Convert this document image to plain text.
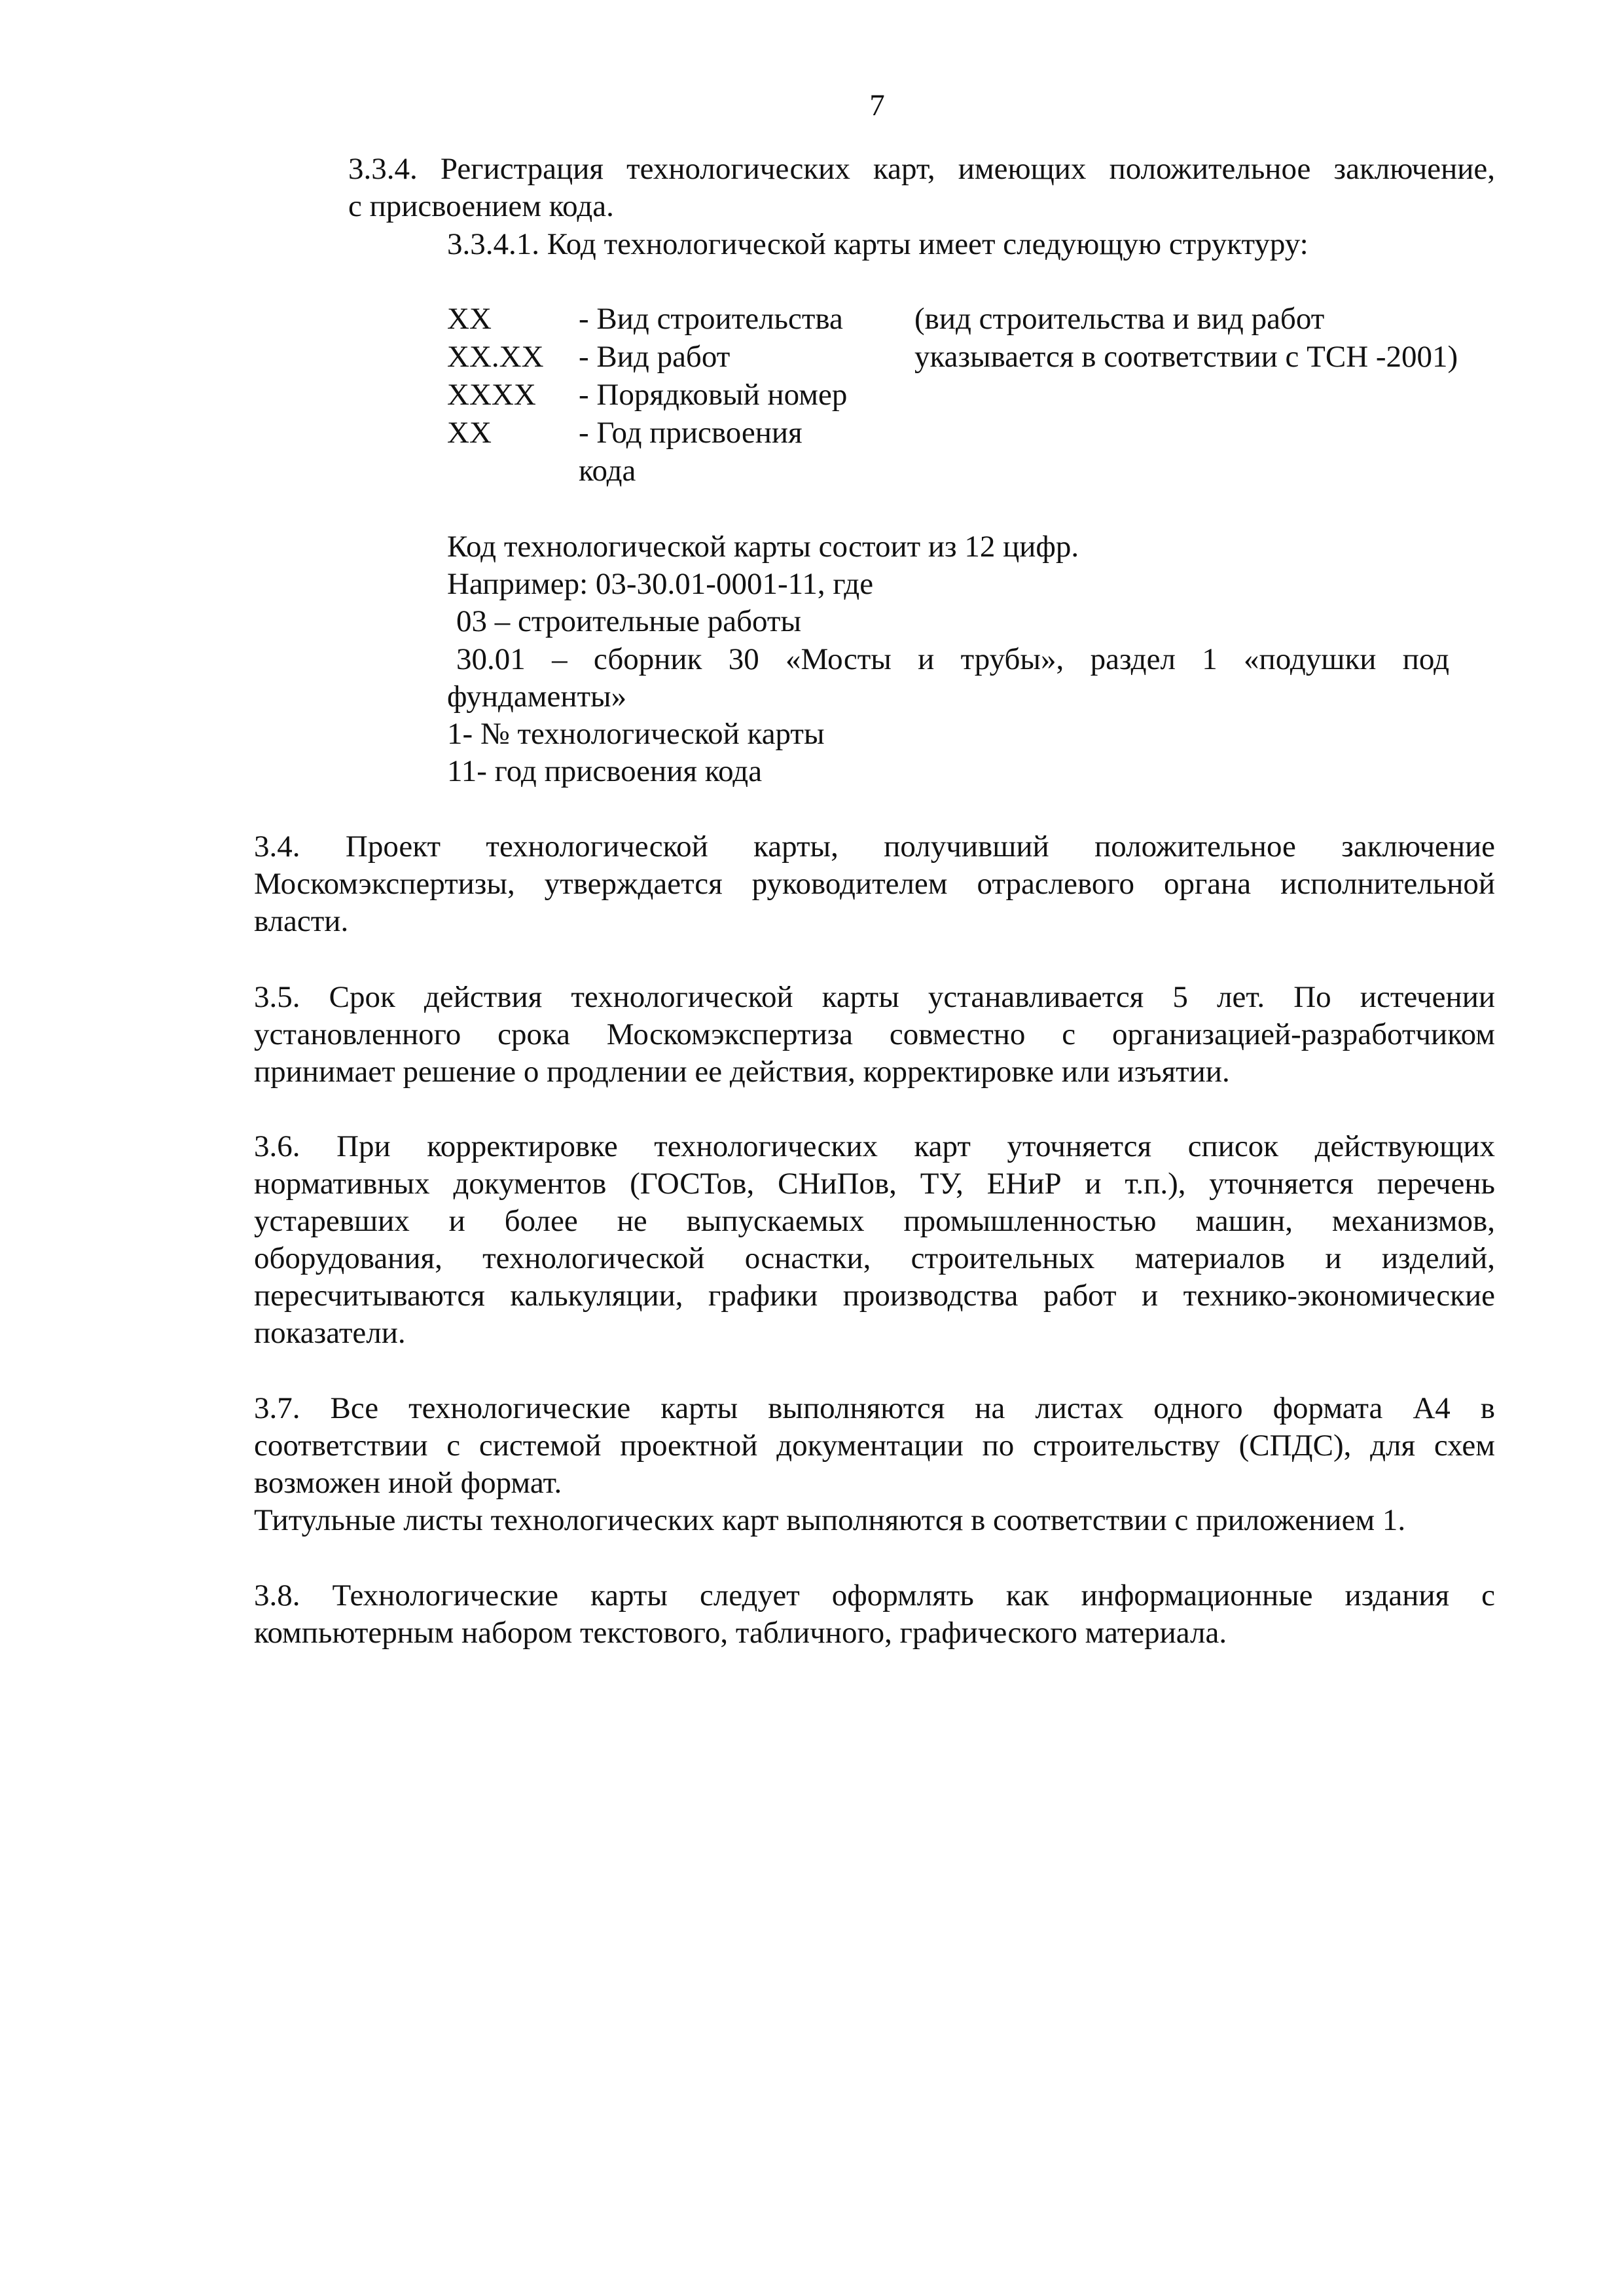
7
3.3.4. Регистрация технологических карт, имеющих положительное заключение,
с присвоением кода.
3.3.4.1. Код технологической карты имеет следующую структуру:
XX
XX.XX
XXXX
XX
- Вид строительства
- Вид работ
- Порядковый номер
- Год присвоения
кода
(вид строительства и вид работ
указывается в соответствии с ТСН -2001)
Код технологической карты состоит из 12 цифр.
Например: 03-30.01-0001-11, где
03 – строительные работы
30.01 – сборник 30 «Мосты и трубы», раздел 1 «подушки под
фундаменты»
1- № технологической карты
11- год присвоения кода
3.4. Проект технологической карты, получивший положительное заключение
Москомэкспертизы, утверждается руководителем отраслевого органа исполнительной
власти.
3.5. Срок действия технологической карты устанавливается 5 лет. По истечении
установленного срока Москомэкспертиза совместно с организацией-разработчиком
принимает решение о продлении ее действия, корректировке или изъятии.
3.6. При корректировке технологических карт уточняется список действующих
нормативных документов (ГОСТов, СНиПов, ТУ, ЕНиР и т.п.), уточняется перечень
устаревших и более не выпускаемых промышленностью машин, механизмов,
оборудования, технологической оснастки, строительных материалов и изделий,
пересчитываются калькуляции, графики производства работ и технико-экономические
показатели.
3.7. Все технологические карты выполняются на листах одного формата А4 в
соответствии с системой проектной документации по строительству (СПДС), для схем
возможен иной формат.
Титульные листы технологических карт выполняются в соответствии с приложением 1.
3.8. Технологические карты следует оформлять как информационные издания с
компьютерным набором текстового, табличного, графического материала.
